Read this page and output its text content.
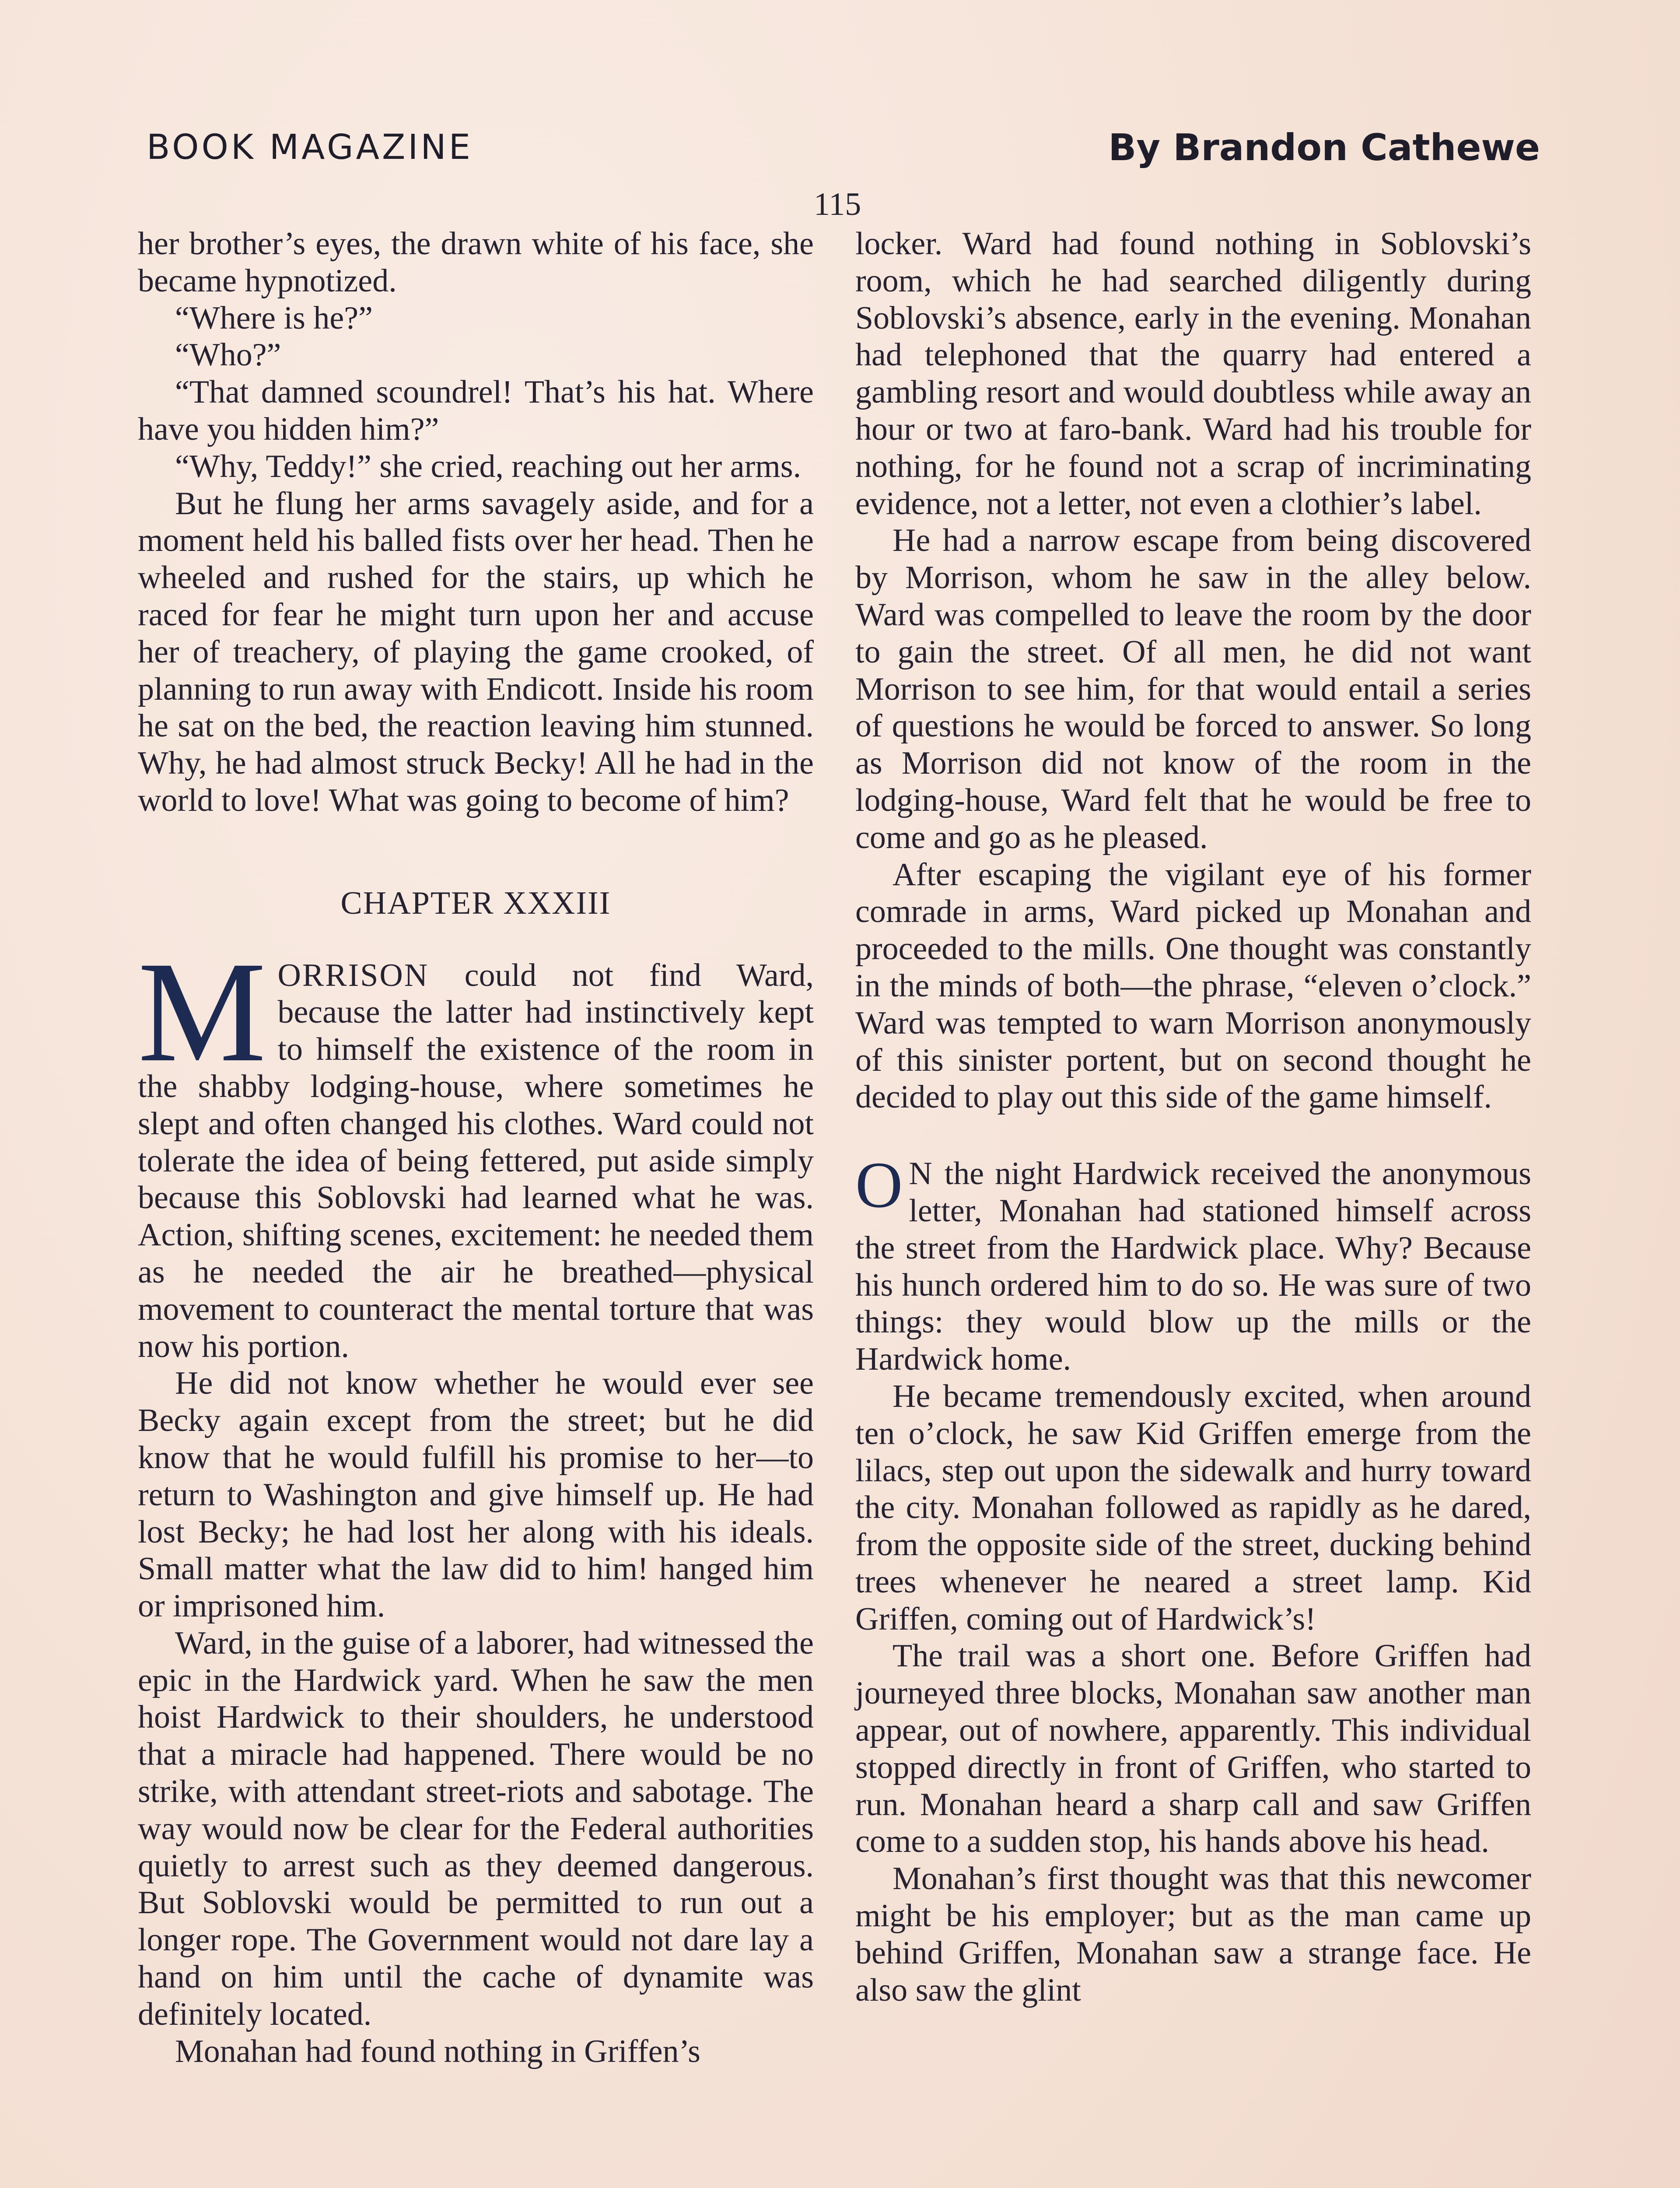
BOOK MAGAZINE	By Brandon Cathewe
115

her brother’s eyes, the drawn white of his face, she became hypnotized.

“Where is he?”

“Who?”

“That damned scoundrel! That’s his hat. Where have you hidden him?”

“Why, Teddy!” she cried, reaching out her arms.

But he flung her arms savagely aside, and for a moment held his balled fists over her head. Then he wheeled and rushed for the stairs, up which he raced for fear he might turn upon her and accuse her of treachery, of playing the game crooked, of planning to run away with Endicott. Inside his room he sat on the bed, the reaction leaving him stunned. Why, he had almost struck Becky! All he had in the world to love! What was going to become of him?

CHAPTER XXXIII

MORRISON could not find Ward, because the latter had instinctively kept to himself the existence of the room in the shabby lodging-house, where sometimes he slept and often changed his clothes. Ward could not tolerate the idea of being fettered, put aside simply because this Soblovski had learned what he was. Action, shifting scenes, excitement: he needed them as he needed the air he breathed—physical movement to counteract the mental torture that was now his portion.

He did not know whether he would ever see Becky again except from the street; but he did know that he would fulfill his promise to her—to return to Washington and give himself up. He had lost Becky; he had lost her along with his ideals. Small matter what the law did to him! hanged him or imprisoned him.

Ward, in the guise of a laborer, had witnessed the epic in the Hardwick yard. When he saw the men hoist Hardwick to their shoulders, he understood that a miracle had happened. There would be no strike, with attendant street-riots and sabotage. The way would now be clear for the Federal authorities quietly to arrest such as they deemed dangerous. But Soblovski would be permitted to run out a longer rope. The Government would not dare lay a hand on him until the cache of dynamite was definitely located.

Monahan had found nothing in Griffen’s

locker. Ward had found nothing in Soblovski’s room, which he had searched diligently during Soblovski’s absence, early in the evening. Monahan had telephoned that the quarry had entered a gambling resort and would doubtless while away an hour or two at faro-bank. Ward had his trouble for nothing, for he found not a scrap of incriminating evidence, not a letter, not even a clothier’s label.

He had a narrow escape from being discovered by Morrison, whom he saw in the alley below. Ward was compelled to leave the room by the door to gain the street. Of all men, he did not want Morrison to see him, for that would entail a series of questions he would be forced to answer. So long as Morrison did not know of the room in the lodging-house, Ward felt that he would be free to come and go as he pleased.

After escaping the vigilant eye of his former comrade in arms, Ward picked up Monahan and proceeded to the mills. One thought was constantly in the minds of both—the phrase, “eleven o’clock.” Ward was tempted to warn Morrison anonymously of this sinister portent, but on second thought he decided to play out this side of the game himself.

O N the night Hardwick received the anonymous letter, Monahan had stationed himself across the street from the Hardwick place. Why? Because his hunch ordered him to do so. He was sure of two things: they would blow up the mills or the Hardwick home.

He became tremendously excited, when around ten o’clock, he saw Kid Griffen emerge from the lilacs, step out upon the sidewalk and hurry toward the city. Monahan followed as rapidly as he dared, from the opposite side of the street, ducking behind trees whenever he neared a street lamp. Kid Griffen, coming out of Hardwick’s!

The trail was a short one. Before Griffen had journeyed three blocks, Monahan saw another man appear, out of nowhere, apparently. This individual stopped directly in front of Griffen, who started to run. Monahan heard a sharp call and saw Griffen come to a sudden stop, his hands above his head.

Monahan’s first thought was that this newcomer might be his employer; but as the man came up behind Griffen, Monahan saw a strange face. He also saw the glint
